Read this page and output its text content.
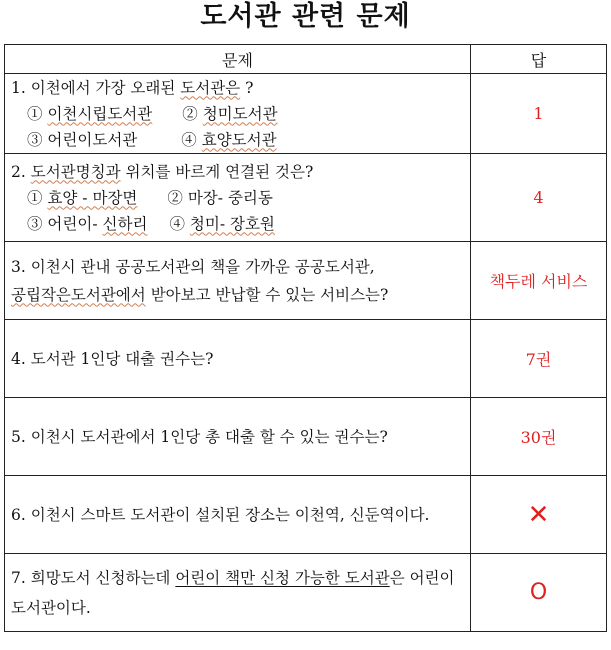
도서관 관련 문제
문제	답
1. 이천에서 가장 오래된 도서관은 ?
① 이천시립도서관 ② 청미도서관
③ 어린이도서관 ④ 효양도서관	1
2. 도서관명칭과 위치를 바르게 연결된 것은?
① 효양 - 마장면 ② 마장- 중리동
③ 어린이- 신하리 ④ 청미- 장호원	4
3. 이천시 관내 공공도서관의 책을 가까운 공공도서관,
공립작은도서관에서 받아보고 반납할 수 있는 서비스는?	책두레 서비스
4. 도서관 1인당 대출 권수는?	7권
5. 이천시 도서관에서 1인당 총 대출 할 수 있는 권수는?	30권
6. 이천시 스마트 도서관이 설치된 장소는 이천역, 신둔역이다.	✕
7. 희망도서 신청하는데 어린이 책만 신청 가능한 도서관은 어린이도서관이다.	O
